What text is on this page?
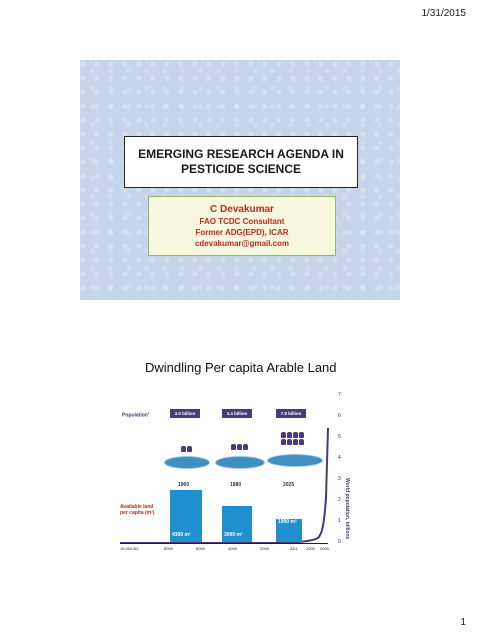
1/31/2015
EMERGING RESEARCH AGENDA IN
PESTICIDE SCIENCE
C Devakumar
FAO TCDC Consultant
Former ADG(EPD), ICAR
cdevakumar@gmail.com
Dwindling Per capita Arable Land
Population$^1$	3.0 billion	4.4 billion	7.9 billion
1960	1980	2025
Available land per capita (m²)
4300 m²	3000 m²
1900 m²
10,000 BC	8000	6000	4000	2000	AD1 1000 2000
0
1
2
3
4
5
6
7
World population, billions
1
